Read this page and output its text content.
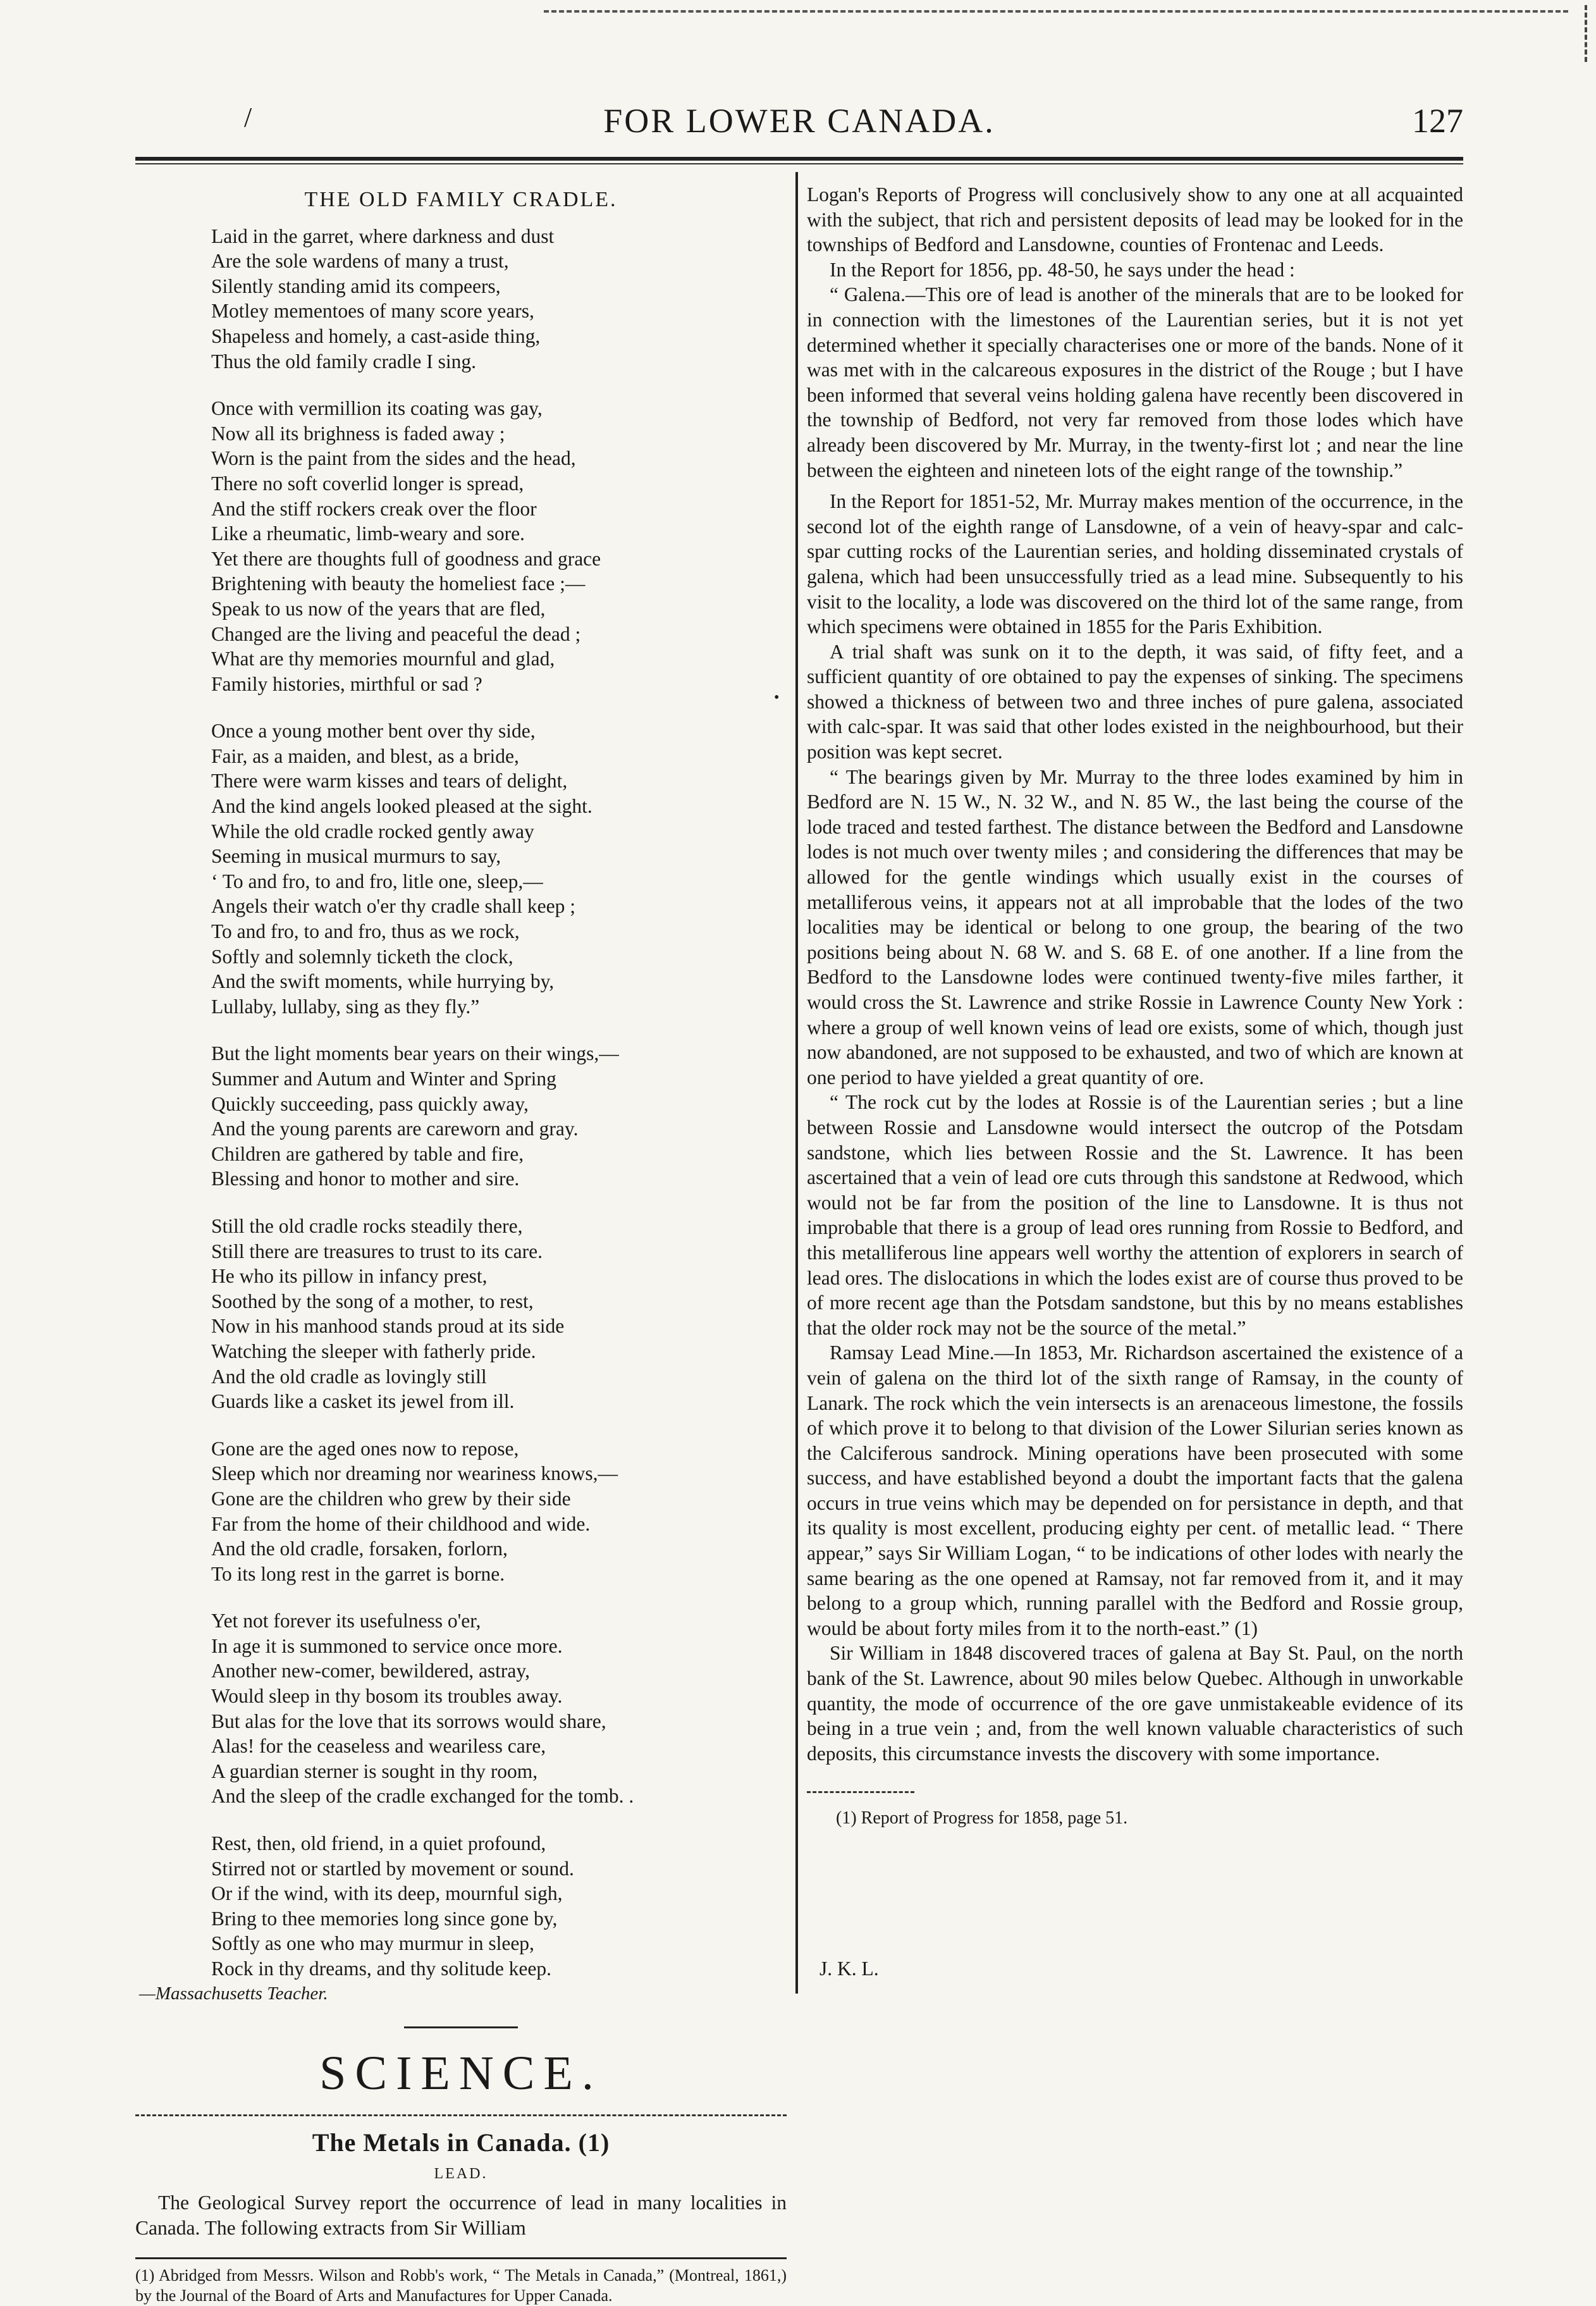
/	FOR LOWER CANADA.	127
•
THE OLD FAMILY CRADLE.
Laid in the garret, where darkness and dust
Are the sole wardens of many a trust,
Silently standing amid its compeers,
Motley mementoes of many score years,
Shapeless and homely, a cast-aside thing,
Thus the old family cradle I sing.
Once with vermillion its coating was gay,
Now all its brighness is faded away ;
Worn is the paint from the sides and the head,
There no soft coverlid longer is spread,
And the stiff rockers creak over the floor
Like a rheumatic, limb-weary and sore.
Yet there are thoughts full of goodness and grace
Brightening with beauty the homeliest face ;—
Speak to us now of the years that are fled,
Changed are the living and peaceful the dead ;
What are thy memories mournful and glad,
Family histories, mirthful or sad ?
Once a young mother bent over thy side,
Fair, as a maiden, and blest, as a bride,
There were warm kisses and tears of delight,
And the kind angels looked pleased at the sight.
While the old cradle rocked gently away
Seeming in musical murmurs to say,
‘ To and fro, to and fro, litle one, sleep,—
Angels their watch o'er thy cradle shall keep ;
To and fro, to and fro, thus as we rock,
Softly and solemnly ticketh the clock,
And the swift moments, while hurrying by,
Lullaby, lullaby, sing as they fly.”
But the light moments bear years on their wings,—
Summer and Autum and Winter and Spring
Quickly succeeding, pass quickly away,
And the young parents are careworn and gray.
Children are gathered by table and fire,
Blessing and honor to mother and sire.
Still the old cradle rocks steadily there,
Still there are treasures to trust to its care.
He who its pillow in infancy prest,
Soothed by the song of a mother, to rest,
Now in his manhood stands proud at its side
Watching the sleeper with fatherly pride.
And the old cradle as lovingly still
Guards like a casket its jewel from ill.
Gone are the aged ones now to repose,
Sleep which nor dreaming nor weariness knows,—
Gone are the children who grew by their side
Far from the home of their childhood and wide.
And the old cradle, forsaken, forlorn,
To its long rest in the garret is borne.
Yet not forever its usefulness o'er,
In age it is summoned to service once more.
Another new-comer, bewildered, astray,
Would sleep in thy bosom its troubles away.
But alas for the love that its sorrows would share,
Alas! for the ceaseless and weariless care,
A guardian sterner is sought in thy room,
And the sleep of the cradle exchanged for the tomb. .
Rest, then, old friend, in a quiet profound,
Stirred not or startled by movement or sound.
Or if the wind, with its deep, mournful sigh,
Bring to thee memories long since gone by,
Softly as one who may murmur in sleep,
Rock in thy dreams, and thy solitude keep.	J. K. L.
—Massachusetts Teacher.
SCIENCE.
The Metals in Canada. (1)
LEAD.

The Geological Survey report the occurrence of lead in many localities in Canada. The following extracts from Sir William

(1) Abridged from Messrs. Wilson and Robb's work, “ The Metals in Canada,” (Montreal, 1861,) by the Journal of the Board of Arts and Manufactures for Upper Canada.

Logan's Reports of Progress will conclusively show to any one at all acquainted with the subject, that rich and persistent deposits of lead may be looked for in the townships of Bedford and Lansdowne, counties of Frontenac and Leeds.

In the Report for 1856, pp. 48-50, he says under the head :

“ Galena.—This ore of lead is another of the minerals that are to be looked for in connection with the limestones of the Laurentian series, but it is not yet determined whether it specially characterises one or more of the bands. None of it was met with in the calcareous exposures in the district of the Rouge ; but I have been informed that several veins holding galena have recently been discovered in the township of Bedford, not very far removed from those lodes which have already been discovered by Mr. Murray, in the twenty-first lot ; and near the line between the eighteen and nineteen lots of the eight range of the township.”

In the Report for 1851-52, Mr. Murray makes mention of the occurrence, in the second lot of the eighth range of Lansdowne, of a vein of heavy-spar and calc-spar cutting rocks of the Laurentian series, and holding disseminated crystals of galena, which had been unsuccessfully tried as a lead mine. Subsequently to his visit to the locality, a lode was discovered on the third lot of the same range, from which specimens were obtained in 1855 for the Paris Exhibition.

A trial shaft was sunk on it to the depth, it was said, of fifty feet, and a sufficient quantity of ore obtained to pay the expenses of sinking. The specimens showed a thickness of between two and three inches of pure galena, associated with calc-spar. It was said that other lodes existed in the neighbourhood, but their position was kept secret.

“ The bearings given by Mr. Murray to the three lodes examined by him in Bedford are N. 15 W., N. 32 W., and N. 85 W., the last being the course of the lode traced and tested farthest. The distance between the Bedford and Lansdowne lodes is not much over twenty miles ; and considering the differences that may be allowed for the gentle windings which usually exist in the courses of metalliferous veins, it appears not at all improbable that the lodes of the two localities may be identical or belong to one group, the bearing of the two positions being about N. 68 W. and S. 68 E. of one another. If a line from the Bedford to the Lansdowne lodes were continued twenty-five miles farther, it would cross the St. Lawrence and strike Rossie in Lawrence County New York : where a group of well known veins of lead ore exists, some of which, though just now abandoned, are not supposed to be exhausted, and two of which are known at one period to have yielded a great quantity of ore.

“ The rock cut by the lodes at Rossie is of the Laurentian series ; but a line between Rossie and Lansdowne would intersect the outcrop of the Potsdam sandstone, which lies between Rossie and the St. Lawrence. It has been ascertained that a vein of lead ore cuts through this sandstone at Redwood, which would not be far from the position of the line to Lansdowne. It is thus not improbable that there is a group of lead ores running from Rossie to Bedford, and this metalliferous line appears well worthy the attention of explorers in search of lead ores. The dislocations in which the lodes exist are of course thus proved to be of more recent age than the Potsdam sandstone, but this by no means establishes that the older rock may not be the source of the metal.”

Ramsay Lead Mine.—In 1853, Mr. Richardson ascertained the existence of a vein of galena on the third lot of the sixth range of Ramsay, in the county of Lanark. The rock which the vein intersects is an arenaceous limestone, the fossils of which prove it to belong to that division of the Lower Silurian series known as the Calciferous sandrock. Mining operations have been prosecuted with some success, and have established beyond a doubt the important facts that the galena occurs in true veins which may be depended on for persistance in depth, and that its quality is most excellent, producing eighty per cent. of metallic lead. “ There appear,” says Sir William Logan, “ to be indications of other lodes with nearly the same bearing as the one opened at Ramsay, not far removed from it, and it may belong to a group which, running parallel with the Bedford and Rossie group, would be about forty miles from it to the north-east.” (1)

Sir William in 1848 discovered traces of galena at Bay St. Paul, on the north bank of the St. Lawrence, about 90 miles below Quebec. Although in unworkable quantity, the mode of occurrence of the ore gave unmistakeable evidence of its being in a true vein ; and, from the well known valuable characteristics of such deposits, this circumstance invests the discovery with some importance.

(1) Report of Progress for 1858, page 51.
